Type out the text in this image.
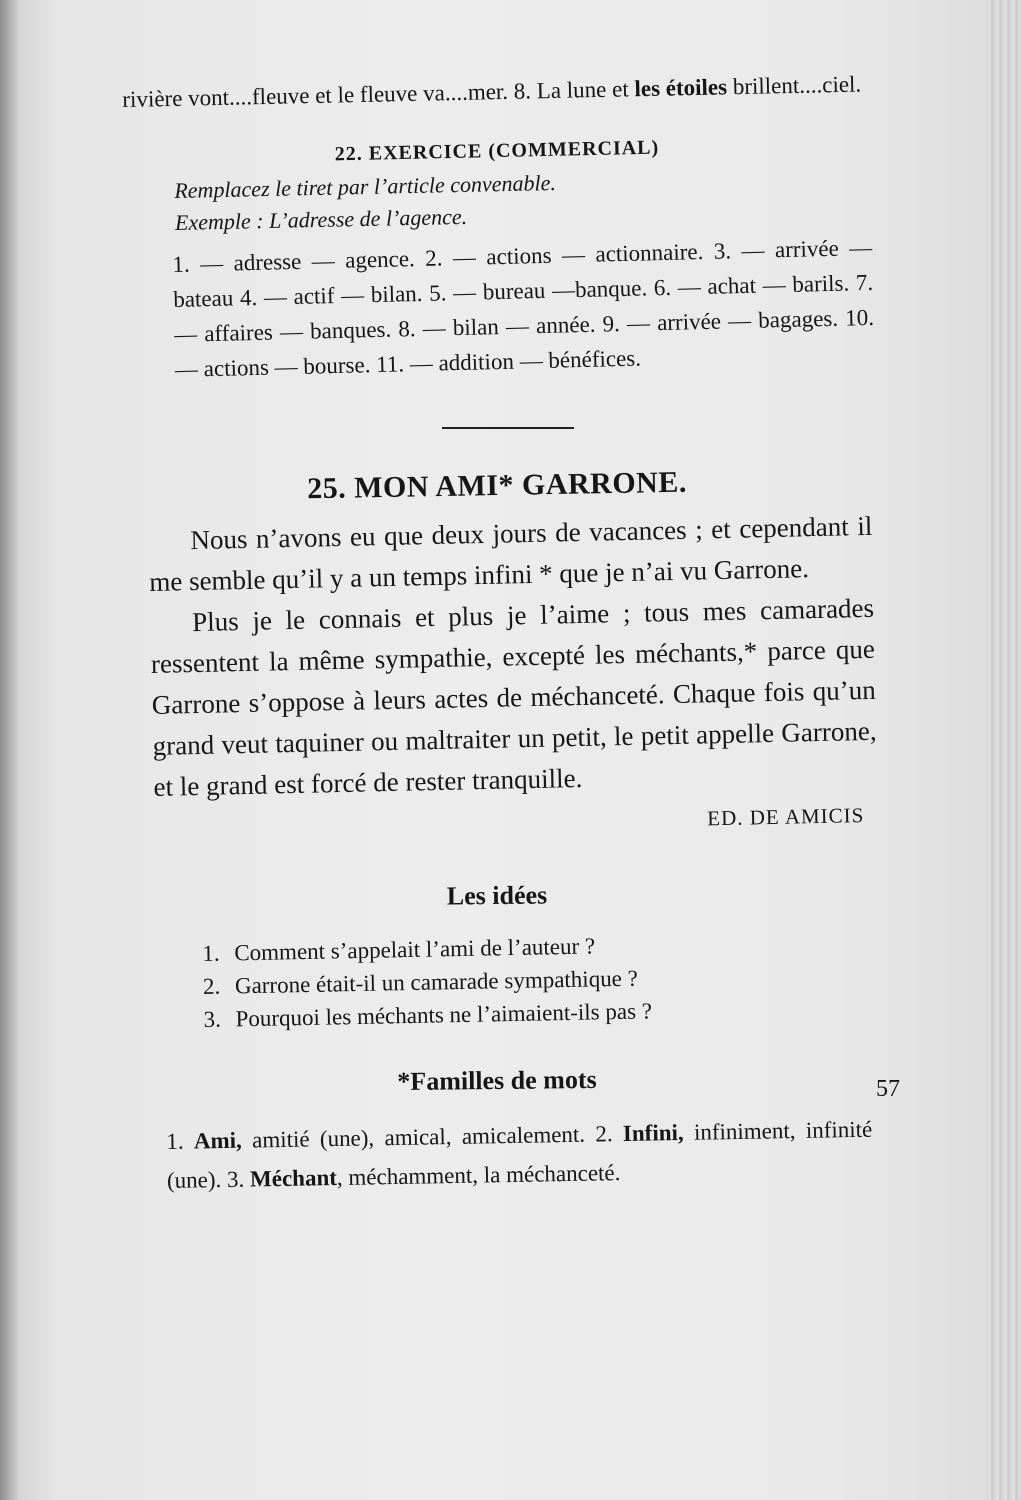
rivière vont....fleuve et le fleuve va....mer. 8. La lune et les étoiles brillent....ciel.

22. EXERCICE (COMMERCIAL)

Remplacez le tiret par l’article convenable.
Exemple : L’adresse de l’agence.

1. — adresse — agence. 2. — actions — actionnaire. 3. — arrivée — bateau 4. — actif — bilan. 5. — bureau —banque. 6. — achat — barils. 7. — affaires — banques. 8. — bilan — année. 9. — arrivée — bagages. 10. — actions — bourse. 11. — addition — bénéfices.

25. MON AMI* GARRONE.

Nous n’avons eu que deux jours de vacances ; et cependant il me semble qu’il y a un temps infini * que je n’ai vu Garrone.

Plus je le connais et plus je l’aime ; tous mes camarades ressentent la même sympathie, excepté les méchants,* parce que Garrone s’oppose à leurs actes de méchanceté. Chaque fois qu’un grand veut taquiner ou maltraiter un petit, le petit appelle Garrone, et le grand est forcé de rester tranquille.

ED. DE AMICIS
Les idées
1. Comment s’appelait l’ami de l’auteur ?
2. Garrone était-il un camarade sympathique ?
3. Pourquoi les méchants ne l’aimaient-ils pas ?
*Familles de mots

1. Ami, amitié (une), amical, amicalement. 2. Infini, infiniment, infinité (une). 3. Méchant, méchamment, la méchanceté.

57
